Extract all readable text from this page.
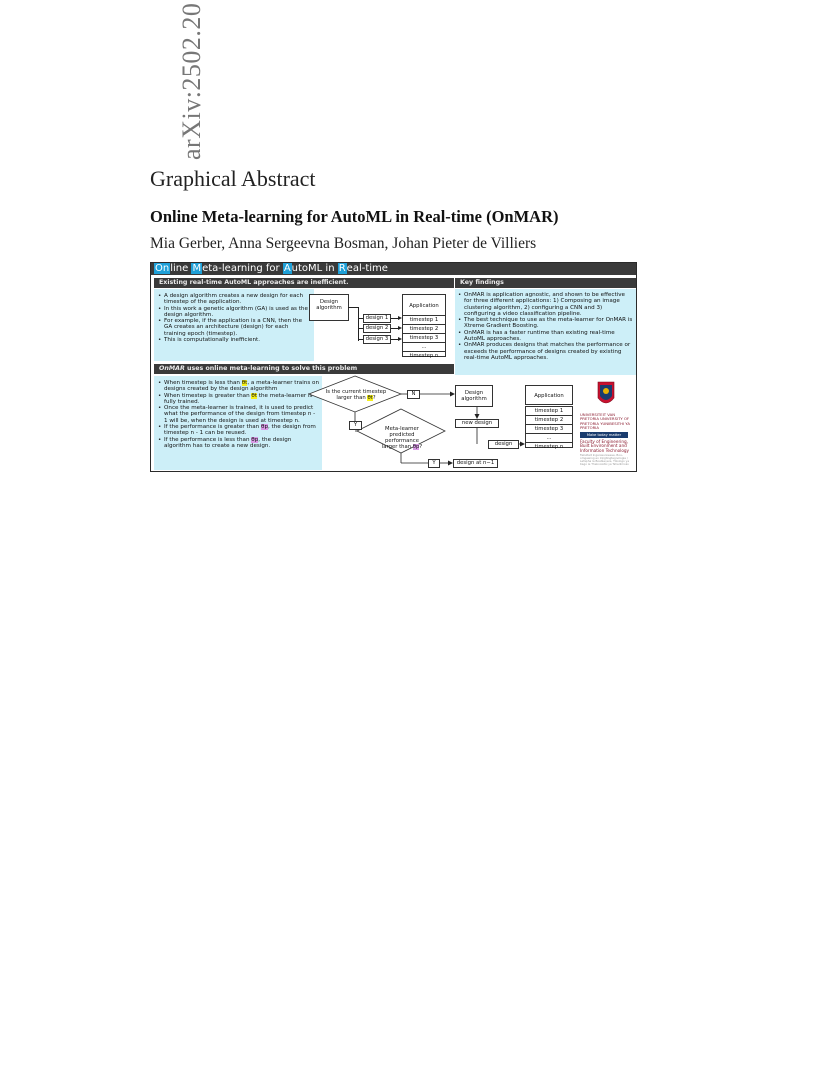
arXiv:2502.20
Graphical Abstract
Online Meta-learning for AutoML in Real-time (OnMAR)
Mia Gerber, Anna Sergeevna Bosman, Johan Pieter de Villiers
Online Meta-learning for AutoML in Real-time
Existing real-time AutoML approaches are inefficient.
• A design algorithm creates a new design for each timestep of the application.
• In this work a genetic algorithm (GA) is used as the design algorithm.
• For example, if the application is a CNN, then the GA creates an architecture (design) for each training epoch (timestep).
• This is computationally inefficient.
Design algorithm
design 1
design 2
design 3
Application
timestep 1
timestep 2
timestep 3
...
timestep n
Key findings
• OnMAR is application agnostic, and shown to be effective for three different applications: 1) Composing an image clustering algorithm, 2) configuring a CNN and 3) configuring a video classification pipeline.
• The best technique to use as the meta-learner for OnMAR is Xtreme Gradient Boosting.
• OnMAR is has a faster runtime than existing real-time AutoML approaches.
• OnMAR produces designs that matches the performance or exceeds the performance of designs created by existing real-time AutoML approaches.
OnMAR uses online meta-learning to solve this problem
• When timestep is less than θt, a meta-learner trains on designs created by the design algorithm
• When timestep is greater than θt the meta-learner is fully trained.
• Once the meta-learner is trained, it is used to predict what the performance of the design from timestep n - 1 will be, when the design is used at timestep n.
• If the performance is greater than θp, the design from timestep n - 1 can be reused.
• If the performance is less than θp, the design algorithm has to create a new design.
Is the current timestep
larger than θt?
N
Y
Meta-learner predicted
performance
larger than θp?
Y	design at n−1
Design algorithm
new design
design
Application
timestep 1
timestep 2
timestep 3
...
timestep n
UNIVERSITEIT VAN PRETORIA UNIVERSITY OF PRETORIA YUNIBESITHI YA PRETORIA
Make today matter
Faculty of Engineering, Built Environment and Information Technology
Fakulteit Ingenieurswese, Bou-omgewing en Inligtingtegnologie / Lefapha la Boetšenere, Tikologo ya Kago le Theknolotši ya Tshedimošo
